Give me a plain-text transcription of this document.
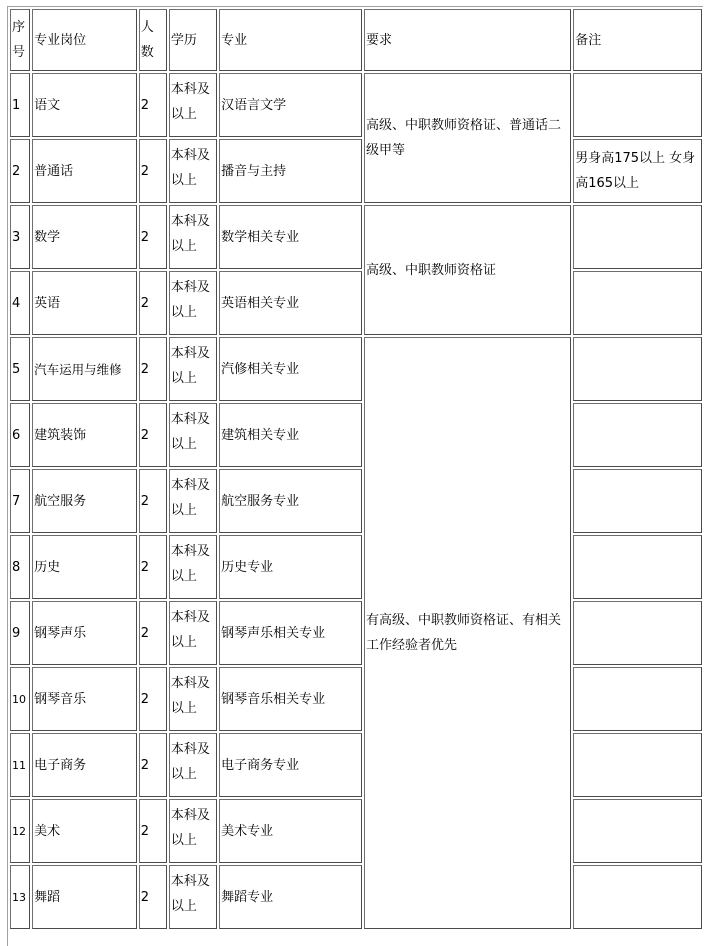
序号	专业岗位	人数	学历	专业	要求	备注
1	语文	2	本科及以上	汉语言文学	高级、中职教师资格证、普通话二级甲等	

2	普通话	2	本科及以上	播音与主持		男身高175以上 女身高165以上
3	数学	2	本科及以上	数学相关专业	高级、中职教师资格证	

4	英语	2	本科及以上	英语相关专业		
5	汽车运用与维修	2	本科及以上	汽修相关专业	有高级、中职教师资格证、有相关工作经验者优先	

6	建筑装饰	2	本科及以上	建筑相关专业		
7	航空服务	2	本科及以上	航空服务专业		
8	历史	2	本科及以上	历史专业		
9	钢琴声乐	2	本科及以上	钢琴声乐相关专业		
10	钢琴音乐	2	本科及以上	钢琴音乐相关专业		
11	电子商务	2	本科及以上	电子商务专业		
12	美术	2	本科及以上	美术专业		
13	舞蹈	2	本科及以上	舞蹈专业		
